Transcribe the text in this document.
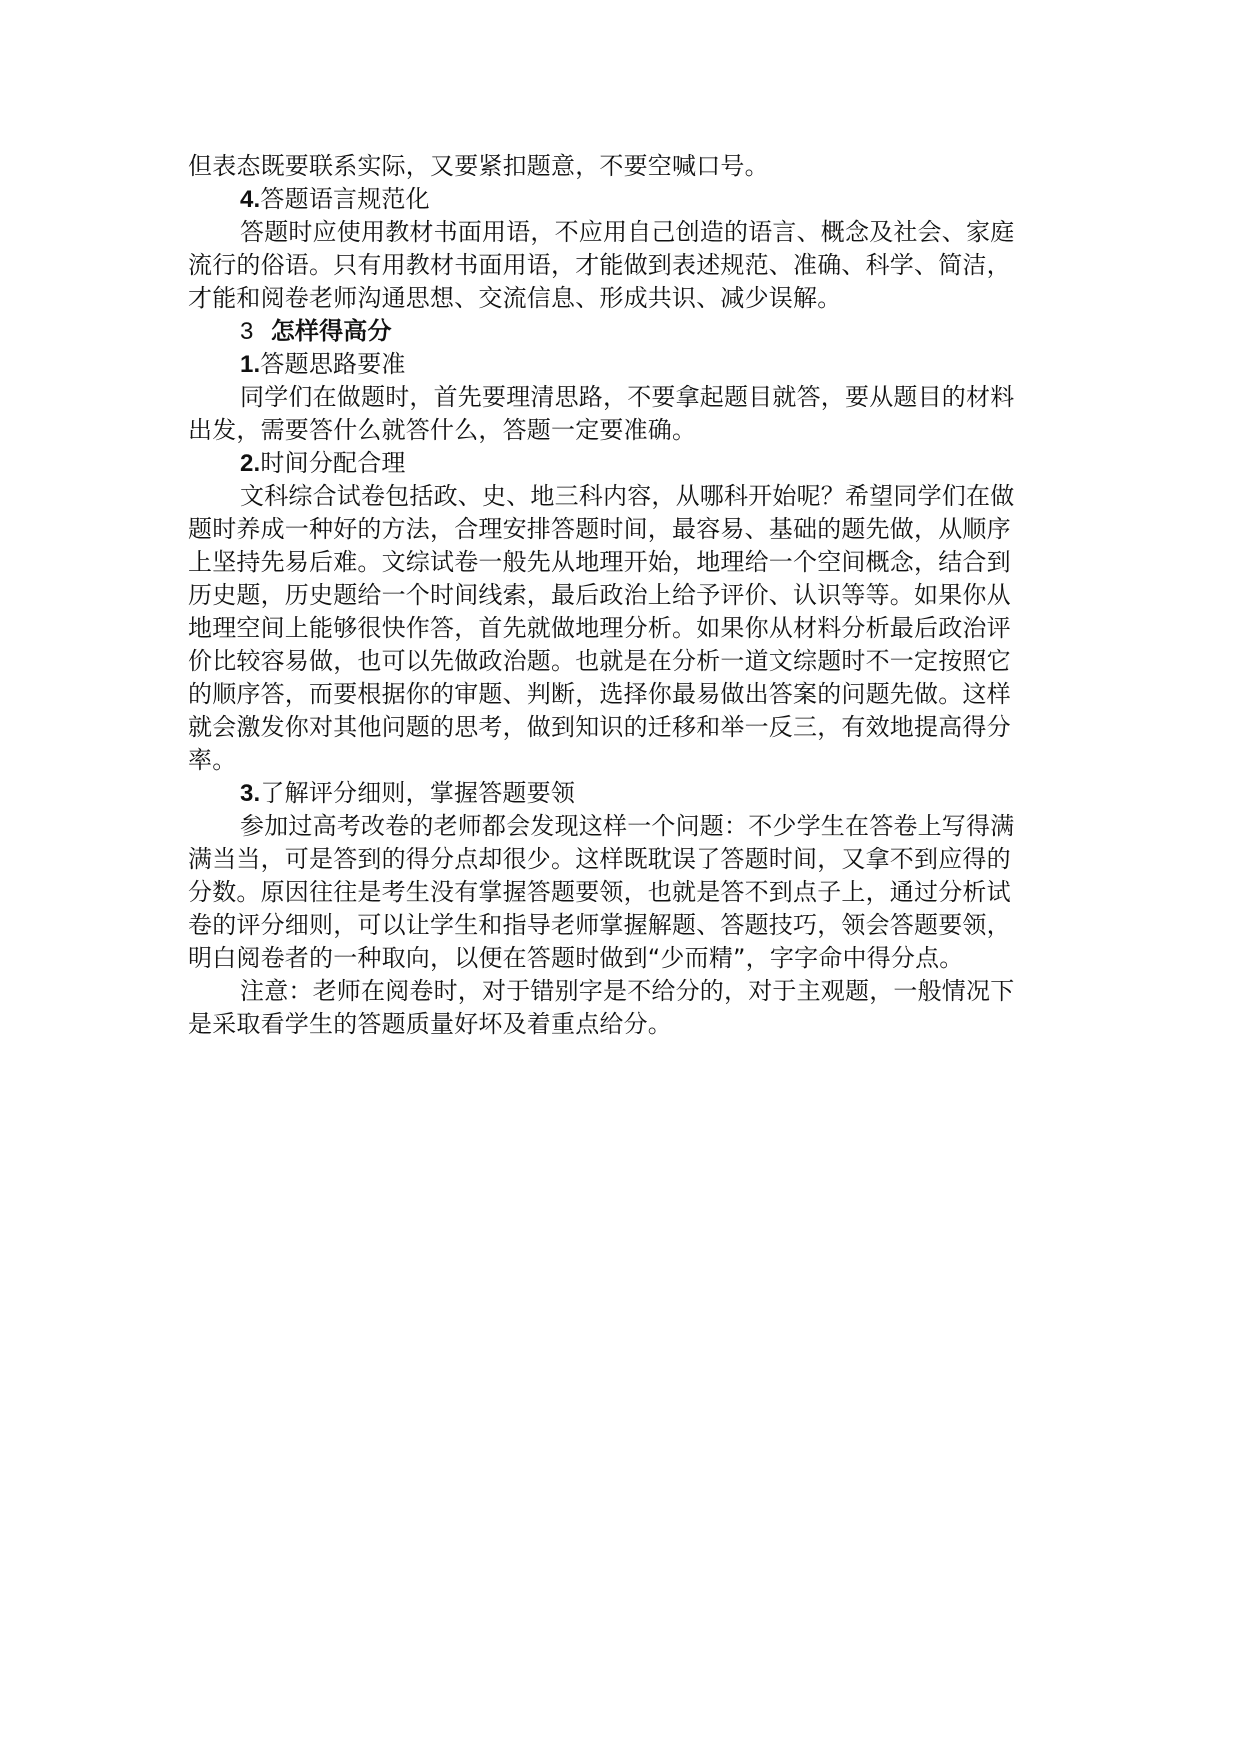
但表态既要联系实际，又要紧扣题意，不要空喊口号。

4.答题语言规范化

答题时应使用教材书面用语，不应用自己创造的语言、概念及社会、家庭

流行的俗语。只有用教材书面用语，才能做到表述规范、准确、科学、简洁，

才能和阅卷老师沟通思想、交流信息、形成共识、减少误解。

3 怎样得高分

1.答题思路要准

同学们在做题时，首先要理清思路，不要拿起题目就答，要从题目的材料

出发，需要答什么就答什么，答题一定要准确。

2.时间分配合理

文科综合试卷包括政、史、地三科内容，从哪科开始呢？希望同学们在做

题时养成一种好的方法，合理安排答题时间，最容易、基础的题先做，从顺序

上坚持先易后难。文综试卷一般先从地理开始，地理给一个空间概念，结合到

历史题，历史题给一个时间线索，最后政治上给予评价、认识等等。如果你从

地理空间上能够很快作答，首先就做地理分析。如果你从材料分析最后政治评

价比较容易做，也可以先做政治题。也就是在分析一道文综题时不一定按照它

的顺序答，而要根据你的审题、判断，选择你最易做出答案的问题先做。这样

就会激发你对其他问题的思考，做到知识的迁移和举一反三，有效地提高得分

率。

3.了解评分细则，掌握答题要领

参加过高考改卷的老师都会发现这样一个问题：不少学生在答卷上写得满

满当当，可是答到的得分点却很少。这样既耽误了答题时间，又拿不到应得的

分数。原因往往是考生没有掌握答题要领，也就是答不到点子上，通过分析试

卷的评分细则，可以让学生和指导老师掌握解题、答题技巧，领会答题要领，

明白阅卷者的一种取向，以便在答题时做到“少而精”，字字命中得分点。

注意：老师在阅卷时，对于错别字是不给分的，对于主观题，一般情况下

是采取看学生的答题质量好坏及着重点给分。
